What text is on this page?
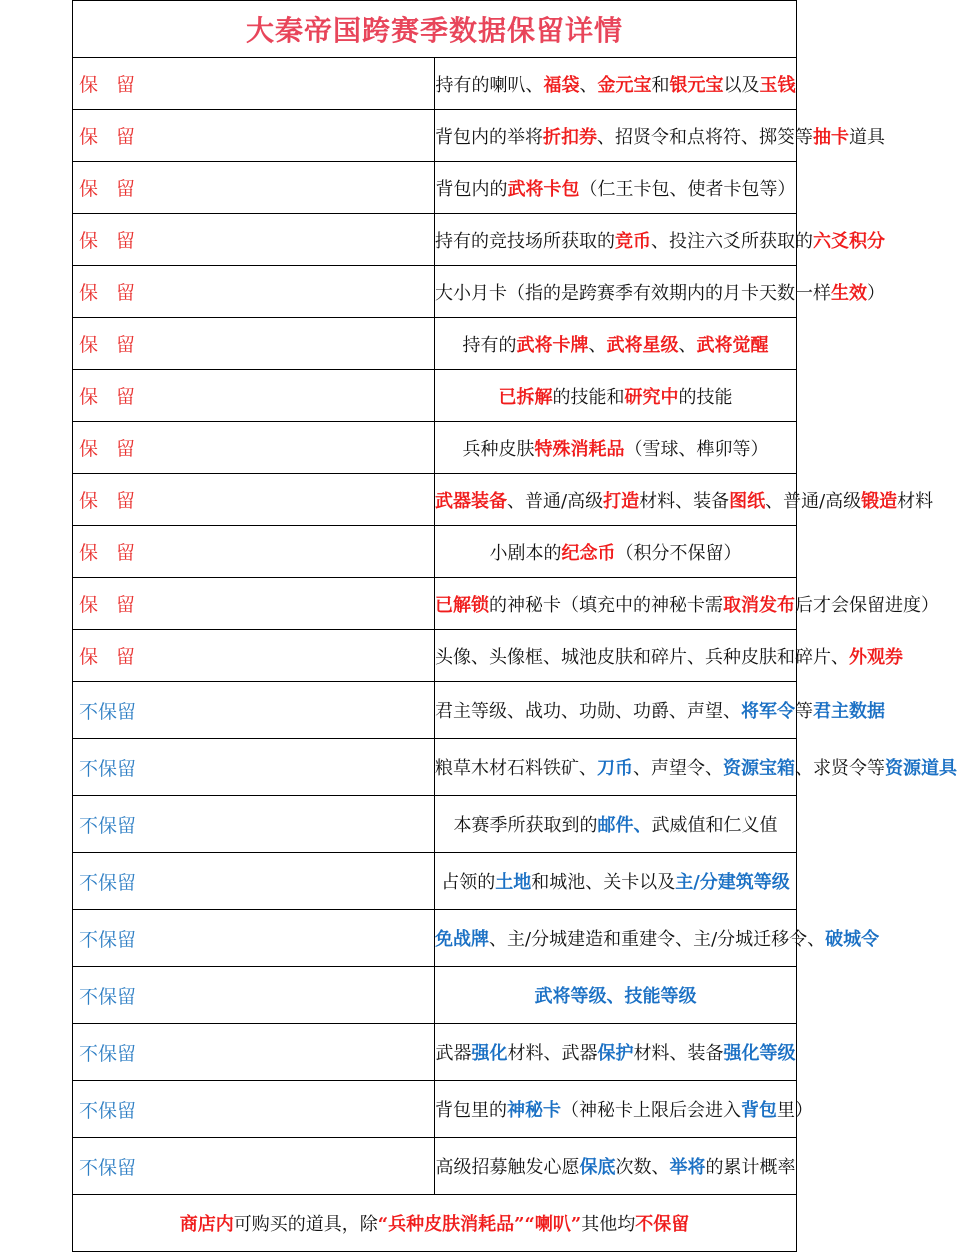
大秦帝国跨赛季数据保留详情	
保 留	持有的喇叭、福袋、金元宝和银元宝以及玉钱
保 留	背包内的举将折扣券、招贤令和点将符、掷筊等抽卡道具
保 留	背包内的武将卡包（仁王卡包、使者卡包等）
保 留	持有的竞技场所获取的竞币、投注六爻所获取的六爻积分
保 留	大小月卡（指的是跨赛季有效期内的月卡天数一样生效）
保 留	持有的武将卡牌、武将星级、武将觉醒
保 留	已拆解的技能和研究中的技能
保 留	兵种皮肤特殊消耗品（雪球、榫卯等）
保 留	武器装备、普通/高级打造材料、装备图纸、普通/高级锻造材料
保 留	小剧本的纪念币（积分不保留）
保 留	已解锁的神秘卡（填充中的神秘卡需取消发布后才会保留进度）
保 留	头像、头像框、城池皮肤和碎片、兵种皮肤和碎片、外观券
不保留	君主等级、战功、功勋、功爵、声望、将军令等君主数据
不保留	粮草木材石料铁矿、刀币、声望令、资源宝箱、求贤令等资源道具
不保留	本赛季所获取到的邮件、武威值和仁义值
不保留	占领的土地和城池、关卡以及主/分建筑等级
不保留	免战牌、主/分城建造和重建令、主/分城迁移令、破城令
不保留	武将等级、技能等级
不保留	武器强化材料、武器保护材料、装备强化等级
不保留	背包里的神秘卡（神秘卡上限后会进入背包里）
不保留	高级招募触发心愿保底次数、举将的累计概率
商店内可购买的道具，除“兵种皮肤消耗品”“喇叭”其他均不保留	
